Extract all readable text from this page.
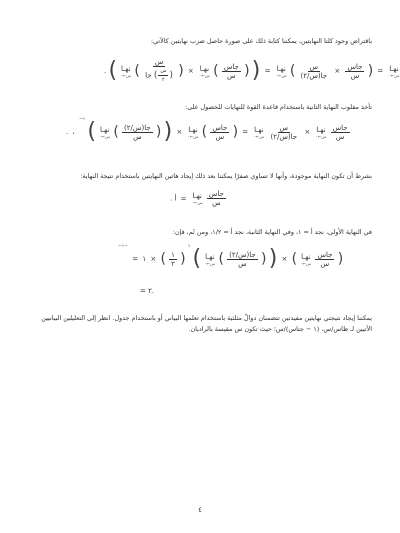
باقتراض وجود كلتا النهايتين، يمكننا كتابة ذلك على صورة حاصل ضرب نهايتين كالآتي:
. ( نهـا
س←٠ ( $\frac{\text{س}}{جا ( \frac{\text{س}}{٢} )}$ ) × نهـا
س←٠ ( $\frac{\text{جاس}}{\text{س}}$ ) ) = نهـا
س←٠ ( $\frac{\text{س}}{\text{جا(س/٢)}} \times \frac{\text{جاس}}{\text{س}}$ ) = نهـا
س←٠
تأخذ مقلوب النهاية الثانية باستخدام قاعدة القوة للنهايات للحصول على:
. ، $^{-١}$ ( نهـا
س←٠ ( $\frac{\text{جا(س/٢)}}{\text{س}}$ ) ) × نهـا
س←٠ ( $\frac{\text{جاس}}{\text{س}}$ ) = نهـا
س←٠
$\frac{\text{س}}{\text{جا(س/٢)}}$ × نهـا
س←٠
$\frac{\text{جاس}}{\text{س}}$
بشرط أن تكون النهاية موجودة، وأنها لا تساوي صفرًا يمكننا بعد ذلك إيجاد هاتين النهايتين باستخدام نتيجة النهاية:
. أ = نهـا
س←٠
$\frac{\text{جاس}}{\text{س}}$
في النهاية الأولى، نجد أ = ١، وفي النهاية الثانية، نجد أ = ١/٢، ومن ثَم، فإن:
$^{-١}$ (
$\frac{١}{٢}$
) × ١ = $^{-١}$	( نهـا
س←٠ ( $\frac{\text{جا(س/٢)}}{\text{س}}$ ) ) × ( نهـا
س←٠
$\frac{\text{جاس}}{\text{س}}$ )
= ٢.
يمكننا إيجاد نتيجتي نهايتين مفيدتين تتضمنان دوالّ مثلثية باستخدام تعلمها البياني أو باستخدام جدول. انظر إلى التعليلين البيانيين الآتيين لـ ظاس/س، (١ − جتاس)/س؛ حيث تكون س مقيسة بالراديان.
٤
